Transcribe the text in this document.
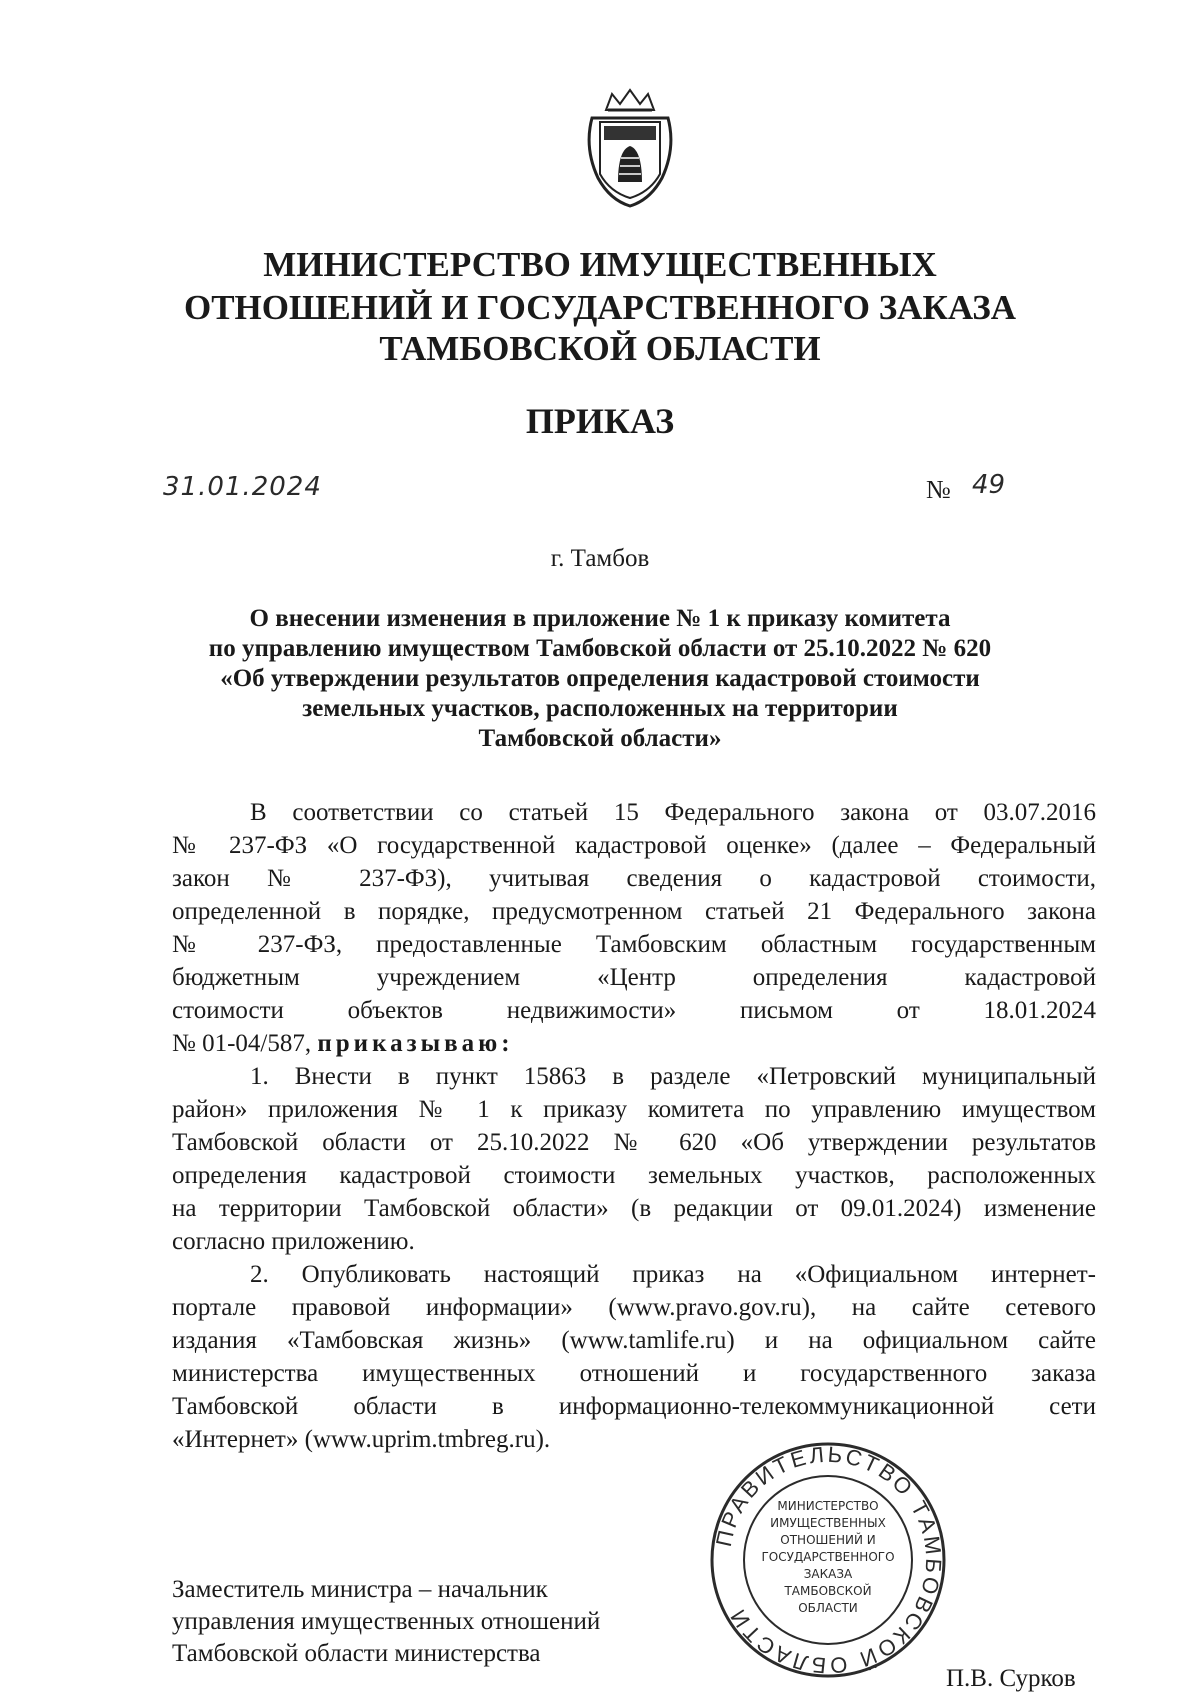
МИНИСТЕРСТВО ИМУЩЕСТВЕННЫХ
ОТНОШЕНИЙ И ГОСУДАРСТВЕННОГО ЗАКАЗА
ТАМБОВСКОЙ ОБЛАСТИ
ПРИКАЗ
31.01.2024	№ 49
г. Тамбов
О внесении изменения в приложение № 1 к приказу комитета
по управлению имуществом Тамбовской области от 25.10.2022 № 620
«Об утверждении результатов определения кадастровой стоимости
земельных участков, расположенных на территории
Тамбовской области»
В соответствии со статьей 15 Федерального закона от 03.07.2016
№ 237-ФЗ «О государственной кадастровой оценке» (далее – Федеральный
закон № 237-ФЗ), учитывая сведения о кадастровой стоимости,
определенной в порядке, предусмотренном статьей 21 Федерального закона
№ 237-ФЗ, предоставленные Тамбовским областным государственным
бюджетным учреждением «Центр определения кадастровой
стоимости объектов недвижимости» письмом от 18.01.2024
№ 01-04/587, приказываю:
1. Внести в пункт 15863 в разделе «Петровский муниципальный
район» приложения № 1 к приказу комитета по управлению имуществом
Тамбовской области от 25.10.2022 № 620 «Об утверждении результатов
определения кадастровой стоимости земельных участков, расположенных
на территории Тамбовской области» (в редакции от 09.01.2024) изменение
согласно приложению.
2. Опубликовать настоящий приказ на «Официальном интернет-
портале правовой информации» (www.pravo.gov.ru), на сайте сетевого
издания «Тамбовская жизнь» (www.tamlife.ru) и на официальном сайте
министерства имущественных отношений и государственного заказа
Тамбовской области в информационно-телекоммуникационной сети
«Интернет» (www.uprim.tmbreg.ru).
Заместитель министра – начальник
управления имущественных отношений
Тамбовской области министерства
П.В. Сурков
ПРАВИТЕЛЬСТВО ТАМБОВСКОЙ ОБЛАСТИ
МИНИСТЕРСТВО
ИМУЩЕСТВЕННЫХ
ОТНОШЕНИЙ И
ГОСУДАРСТВЕННОГО
ЗАКАЗА
ТАМБОВСКОЙ
ОБЛАСТИ
